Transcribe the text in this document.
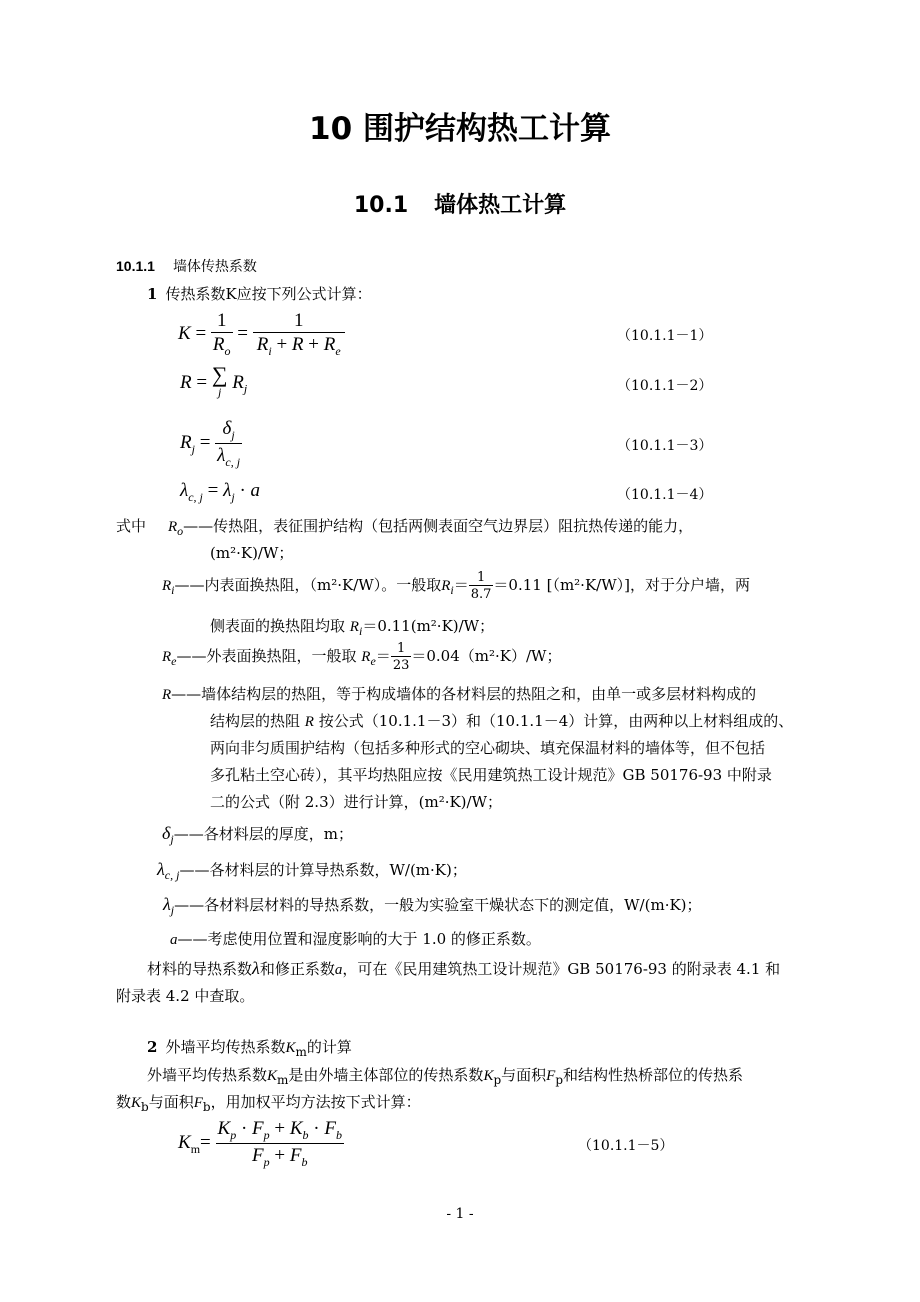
10 围护结构热工计算
10.1 墙体热工计算
10.1.1 墙体传热系数
1 传热系数K应按下列公式计算：
$K = \frac{1}{R_o} = \frac{1}{R_i + R + R_e}$	（10.1.1－1）
R = ∑
j $R_j$	（10.1.1－2）
$R_j = \frac{\delta_j}{\lambda_{c, j}}$	（10.1.1－3）
$\lambda_{c, j} = \lambda_j \cdot a$	（10.1.1－4）
式中 $R_o——$传热阻，表征围护结构（包括两侧表面空气边界层）阻抗热传递的能力，
(m²·K)/W；
$R_i——$内表面换热阻，（m²·K/W）。一般取$R_i= \frac{1}{8.7} =0.11$ [（m²·K/W）]，对于分户墙，两
侧表面的换热阻均取 $R_i=0.11(m^2\cdot K)/W$；
$R_e——$外表面换热阻，一般取 $R_e= \frac{1}{23} =0.04(m^2\cdot K)/W$；
R——墙体结构层的热阻，等于构成墙体的各材料层的热阻之和，由单一或多层材料构成的
结构层的热阻 R 按公式（10.1.1－3）和（10.1.1－4）计算，由两种以上材料组成的、
两向非匀质围护结构（包括多种形式的空心砌块、填充保温材料的墙体等，但不包括
多孔粘土空心砖），其平均热阻应按《民用建筑热工设计规范》GB 50176-93 中附录
二的公式（附 2.3）进行计算，(m²·K)/W；
$\delta_j——$各材料层的厚度，m；
$\lambda_{c, j}——$各材料层的计算导热系数，W/(m·K)；
$\lambda_j——$各材料层材料的导热系数，一般为实验室干燥状态下的测定值，W/(m·K)；
a——考虑使用位置和湿度影响的大于 1.0 的修正系数。
材料的导热系数λ和修正系数a，可在《民用建筑热工设计规范》GB 50176-93 的附录表 4.1 和
附录表 4.2 中查取。
2 外墙平均传热系数$K_m$的计算
外墙平均传热系数$K_m$是由外墙主体部位的传热系数$K_p$与面积$F_p$和结构性热桥部位的传热系
数$K_b$与面积$F_b$，用加权平均方法按下式计算：
$K_m= \frac{K_p \cdot F_p + K_b \cdot F_b}{F_p + F_b}$	（10.1.1－5）
- 1 -
